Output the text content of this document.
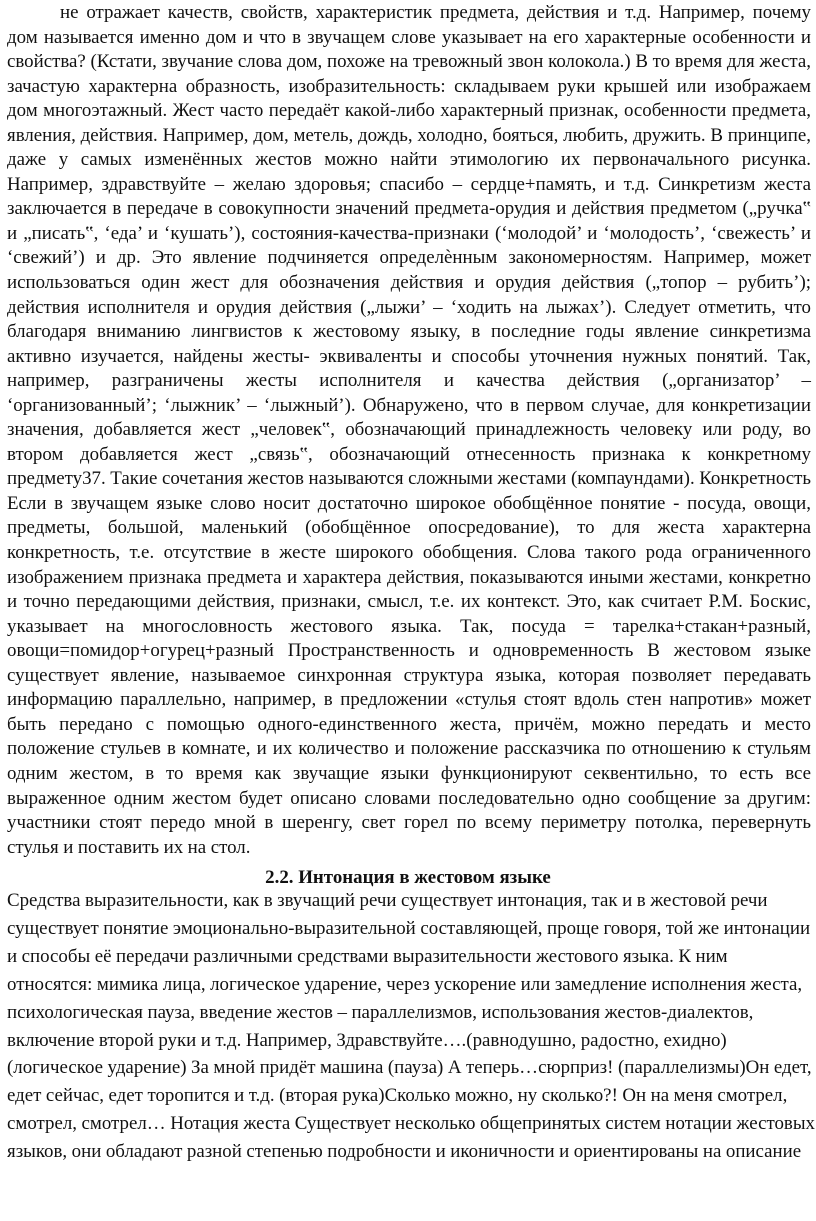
не отражает качеств, свойств, характеристик предмета, действия и т.д. Например, почему дом называется именно дом и что в звучащем слове указывает на его характерные особенности и свойства? (Кстати, звучание слова дом, похоже на тревожный звон колокола.) В то время для жеста, зачастую характерна образность, изобразительность: складываем руки крышей или изображаем дом многоэтажный. Жест часто передаёт какой-либо характерный признак, особенности предмета, явления, действия. Например, дом, метель, дождь, холодно, бояться, любить, дружить. В принципе, даже у самых изменённых жестов можно найти этимологию их первоначального рисунка. Например, здравствуйте – желаю здоровья; спасибо – сердце+память, и т.д. Синкретизм жеста заключается в передаче в совокупности значений предмета-орудия и действия предметом („ручка‟ и „писать‟, ‘еда’ и ‘кушать’), состояния-качества-признаки (‘молодой’ и ‘молодость’, ‘свежесть’ и ‘свежий’) и др. Это явление подчиняется определѐнным закономерностям. Например, может использоваться один жест для обозначения действия и орудия действия („топор – рубить’); действия исполнителя и орудия действия („лыжи’ – ‘ходить на лыжах’). Следует отметить, что благодаря вниманию лингвистов к жестовому языку, в последние годы явление синкретизма активно изучается, найдены жесты- эквиваленты и способы уточнения нужных понятий. Так, например, разграничены жесты исполнителя и качества действия („организатор’ – ‘организованный’; ‘лыжник’ – ‘лыжный’). Обнаружено, что в первом случае, для конкретизации значения, добавляется жест „человек‟, обозначающий принадлежность человеку или роду, во втором добавляется жест „связь‟, обозначающий отнесенность признака к конкретному предмету37. Такие сочетания жестов называются сложными жестами (компаундами). Конкретность Если в звучащем языке слово носит достаточно широкое обобщённое понятие - посуда, овощи, предметы, большой, маленький (обобщённое опосредование), то для жеста характерна конкретность, т.е. отсутствие в жесте широкого обобщения. Слова такого рода ограниченного изображением признака предмета и характера действия, показываются иными жестами, конкретно и точно передающими действия, признаки, смысл, т.е. их контекст. Это, как считает Р.М. Боскис, указывает на многословность жестового языка. Так, посуда = тарелка+стакан+разный, овощи=помидор+огурец+разный Пространственность и одновременность В жестовом языке существует явление, называемое синхронная структура языка, которая позволяет передавать информацию параллельно, например, в предложении «стулья стоят вдоль стен напротив» может быть передано с помощью одного-единственного жеста, причём, можно передать и место положение стульев в комнате, и их количество и положение рассказчика по отношению к стульям одним жестом, в то время как звучащие языки функционируют секвентильно, то есть все выраженное одним жестом будет описано словами последовательно одно сообщение за другим: участники стоят передо мной в шеренгу, свет горел по всему периметру потолка, перевернуть стулья и поставить их на стол.

2.2. Интонация в жестовом языке

Средства выразительности, как в звучащий речи существует интонация, так и в жестовой речи существует понятие эмоционально-выразительной составляющей, проще говоря, той же интонации и способы её передачи различными средствами выразительности жестового языка. К ним относятся: мимика лица, логическое ударение, через ускорение или замедление исполнения жеста, психологическая пауза, введение жестов – параллелизмов, использования жестов-диалектов, включение второй руки и т.д. Например, Здравствуйте….(равнодушно, радостно, ехидно) (логическое ударение) За мной придёт машина (пауза) А теперь…сюрприз! (параллелизмы)Он едет, едет сейчас, едет торопится и т.д. (вторая рука)Сколько можно, ну сколько?! Он на меня смотрел, смотрел, смотрел… Нотация жеста Существует несколько общепринятых систем нотации жестовых языков, они обладают разной степенью подробности и иконичности и ориентированы на описание
